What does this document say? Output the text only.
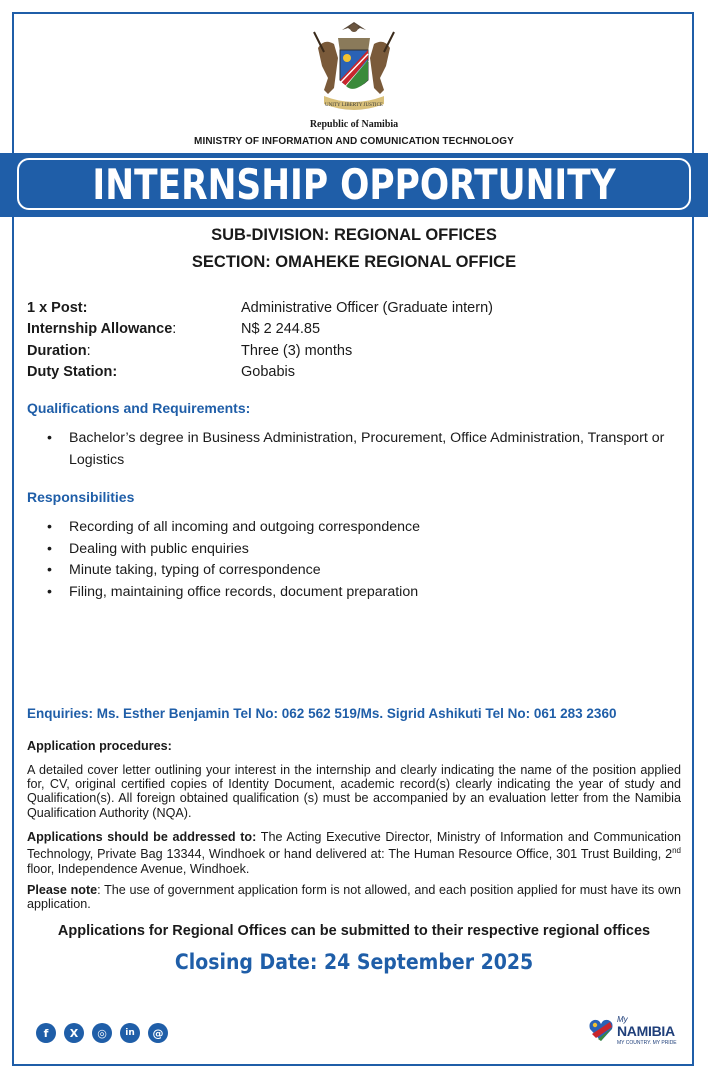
UNITY LIBERTY JUSTICE
Republic of Namibia
MINISTRY OF INFORMATION AND COMUNICATION TECHNOLOGY
INTERNSHIP OPPORTUNITY
SUB-DIVISION: REGIONAL OFFICES
SECTION: OMAHEKE REGIONAL OFFICE
1 x Post:	Administrative Officer (Graduate intern)
Internship Allowance:	N$ 2 244.85
Duration:	Three (3) months
Duty Station:	Gobabis
Qualifications and Requirements:
• Bachelor’s degree in Business Administration, Procurement, Office Administration, Transport or Logistics
Responsibilities
• Recording of all incoming and outgoing correspondence
• Dealing with public enquiries
• Minute taking, typing of correspondence
• Filing, maintaining office records, document preparation
Enquiries: Ms. Esther Benjamin Tel No: 062 562 519/Ms. Sigrid Ashikuti Tel No: 061 283 2360
Application procedures:
A detailed cover letter outlining your interest in the internship and clearly indicating the name of the position applied for, CV, original certified copies of Identity Document, academic record(s) clearly indicating the year of study and Qualification(s). All foreign obtained qualification (s) must be accompanied by an evaluation letter from the Namibia Qualification Authority (NQA).
Applications should be addressed to: The Acting Executive Director, Ministry of Information and Communication Technology, Private Bag 13344, Windhoek or hand delivered at: The Human Resource Office, 301 Trust Building, 2nd floor, Independence Avenue, Windhoek.
Please note: The use of government application form is not allowed, and each position applied for must have its own application.
Applications for Regional Offices can be submitted to their respective regional offices
Closing Date: 24 September 2025
f	X	◎	in	@
My
NAMIBIA
MY COUNTRY. MY PRIDE
